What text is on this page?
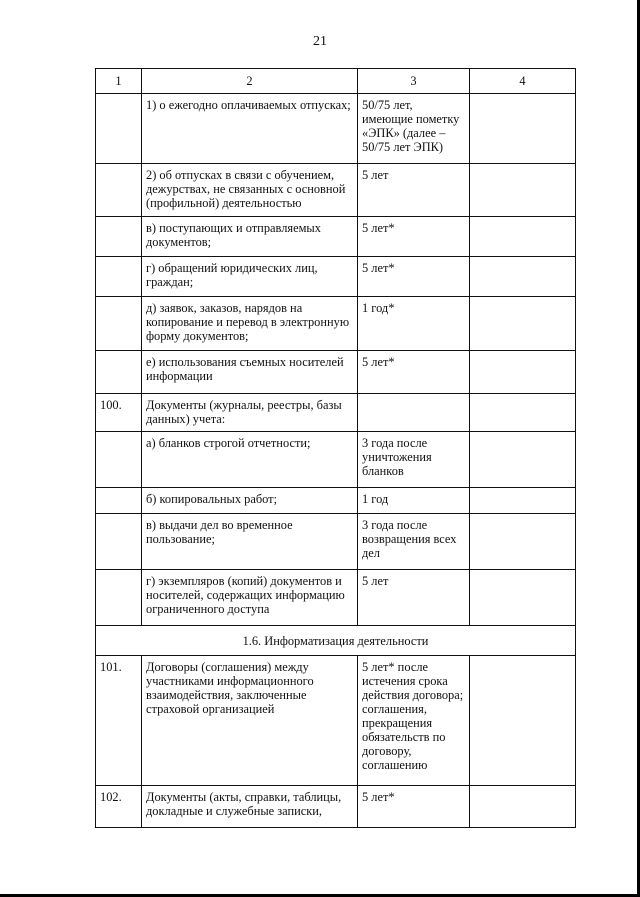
21
1	2	3	4
	1) о ежегодно оплачиваемых отпусках;	50/75 лет, имеющие пометку «ЭПК» (далее – 50/75 лет ЭПК)	
	2) об отпусках в связи с обучением, дежурствах, не связанных с основной (профильной) деятельностью	5 лет	
	в) поступающих и отправляемых документов;	5 лет*	
	г) обращений юридических лиц, граждан;	5 лет*	
	д) заявок, заказов, нарядов на копирование и перевод в электронную форму документов;	1 год*	
	е) использования съемных носителей информации	5 лет*	
100.	Документы (журналы, реестры, базы данных) учета:		
	а) бланков строгой отчетности;	3 года после уничтожения бланков	
	б) копировальных работ;	1 год	
	в) выдачи дел во временное пользование;	3 года после возвращения всех дел	
	г) экземпляров (копий) документов и носителей, содержащих информацию ограниченного доступа	5 лет	
1.6. Информатизация деятельности			
101.	Договоры (соглашения) между участниками информационного взаимодействия, заключенные страховой организацией	5 лет* после истечения срока действия договора; соглашения, прекращения обязательств по договору, соглашению	
102.	Документы (акты, справки, таблицы, докладные и служебные записки,	5 лет*	
